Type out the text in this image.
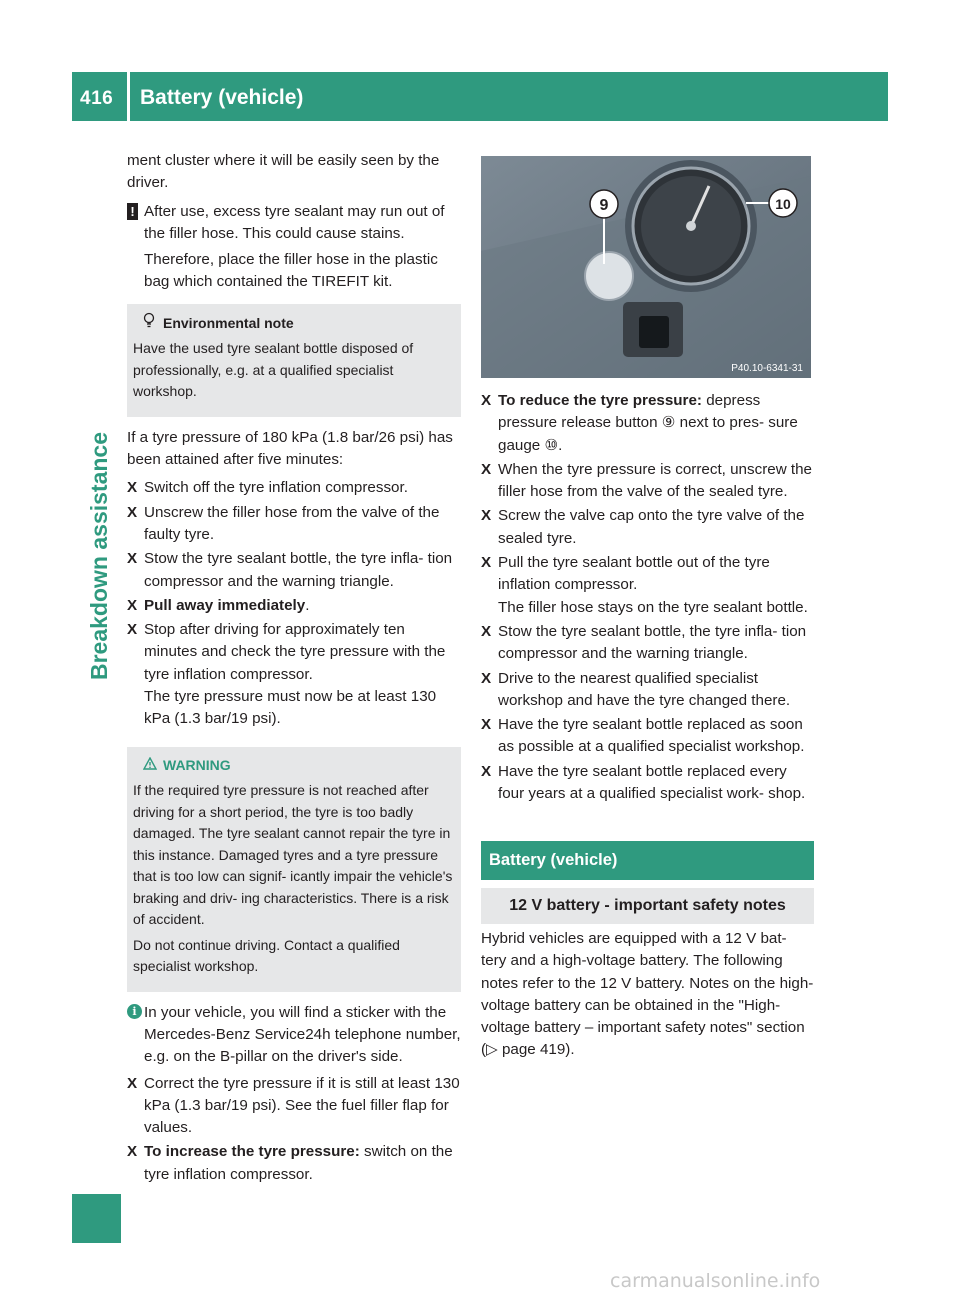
416 Battery (vehicle)
Breakdown assistance

ment cluster where it will be easily seen by the driver.

! After use, excess tyre sealant may run out of the filler hose. This could cause stains.

Therefore, place the filler hose in the plastic bag which contained the TIREFIT kit.

Environmental note

Have the used tyre sealant bottle disposed of professionally, e.g. at a qualified specialist workshop.

If a tyre pressure of 180 kPa (1.8 bar/26 psi) has been attained after five minutes:

X Switch off the tyre inflation compressor.
X Unscrew the filler hose from the valve of the faulty tyre.
X Stow the tyre sealant bottle, the tyre infla- tion compressor and the warning triangle.
X Pull away immediately.
X Stop after driving for approximately ten minutes and check the tyre pressure with the tyre inflation compressor.
The tyre pressure must now be at least 130 kPa (1.3 bar/19 psi).
WARNING

If the required tyre pressure is not reached after driving for a short period, the tyre is too badly damaged. The tyre sealant cannot repair the tyre in this instance. Damaged tyres and a tyre pressure that is too low can signif- icantly impair the vehicle's braking and driv- ing characteristics. There is a risk of accident.

Do not continue driving. Contact a qualified specialist workshop.

i In your vehicle, you will find a sticker with the Mercedes-Benz Service24h telephone number, e.g. on the B-pillar on the driver's side.

X Correct the tyre pressure if it is still at least 130 kPa (1.3 bar/19 psi). See the fuel filler flap for values.
X To increase the tyre pressure: switch on the tyre inflation compressor.
9	10
P40.10-6341-31
X To reduce the tyre pressure: depress pressure release button ⑨ next to pres- sure gauge ⑩.
X When the tyre pressure is correct, unscrew the filler hose from the valve of the sealed tyre.
X Screw the valve cap onto the tyre valve of the sealed tyre.
X Pull the tyre sealant bottle out of the tyre inflation compressor.
The filler hose stays on the tyre sealant bottle.
X Stow the tyre sealant bottle, the tyre infla- tion compressor and the warning triangle.
X Drive to the nearest qualified specialist workshop and have the tyre changed there.
X Have the tyre sealant bottle replaced as soon as possible at a qualified specialist workshop.
X Have the tyre sealant bottle replaced every four years at a qualified specialist work- shop.
Battery (vehicle)
12 V battery - important safety notes

Hybrid vehicles are equipped with a 12 V bat- tery and a high-voltage battery. The following notes refer to the 12 V battery. Notes on the high-voltage battery can be obtained in the "High-voltage battery – important safety notes" section (▷ page 419).

carmanualsonline.info
